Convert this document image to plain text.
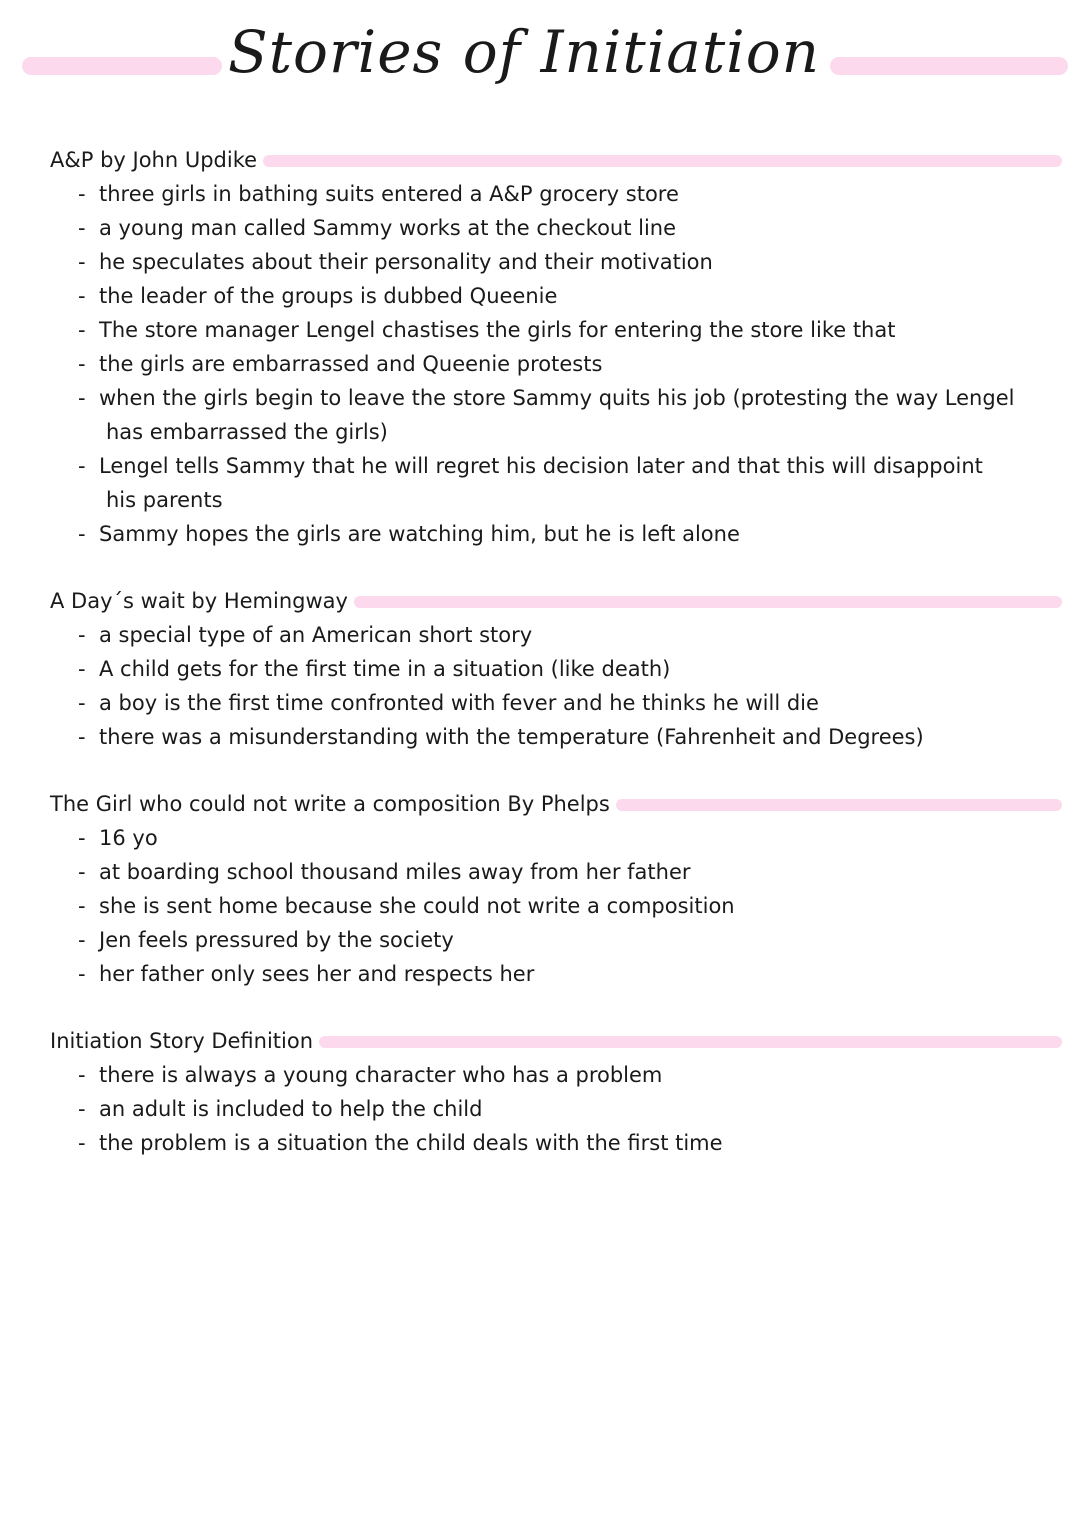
Stories of Initiation
A&P by John Updike
- three girls in bathing suits entered a A&P grocery store
- a young man called Sammy works at the checkout line
- he speculates about their personality and their motivation
- the leader of the groups is dubbed Queenie
- The store manager Lengel chastises the girls for entering the store like that
- the girls are embarrassed and Queenie protests
- when the girls begin to leave the store Sammy quits his job (protesting the way Lengel
has embarrassed the girls)
- Lengel tells Sammy that he will regret his decision later and that this will disappoint
his parents
- Sammy hopes the girls are watching him, but he is left alone
A Day´s wait by Hemingway
- a special type of an American short story
- A child gets for the first time in a situation (like death)
- a boy is the first time confronted with fever and he thinks he will die
- there was a misunderstanding with the temperature (Fahrenheit and Degrees)
The Girl who could not write a composition By Phelps
- 16 yo
- at boarding school thousand miles away from her father
- she is sent home because she could not write a composition
- Jen feels pressured by the society
- her father only sees her and respects her
Initiation Story Definition
- there is always a young character who has a problem
- an adult is included to help the child
- the problem is a situation the child deals with the first time
